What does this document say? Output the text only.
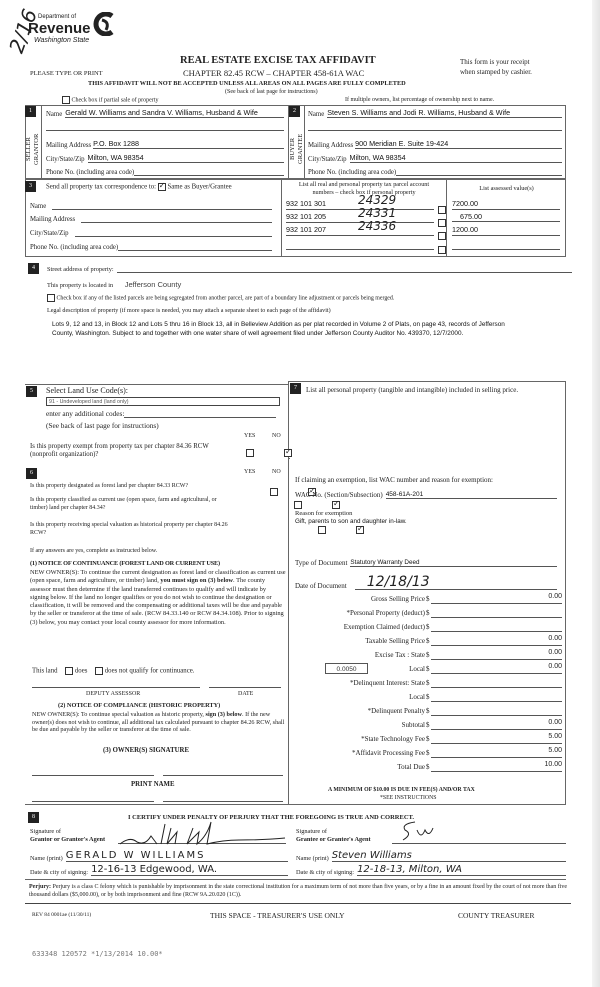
2/16
Department of
Revenue
Washington State
REAL ESTATE EXCISE TAX AFFIDAVIT
PLEASE TYPE OR PRINT	CHAPTER 82.45 RCW – CHAPTER 458-61A WAC
This form is your receipt
when stamped by cashier.
THIS AFFIDAVIT WILL NOT BE ACCEPTED UNLESS ALL AREAS ON ALL PAGES ARE FULLY COMPLETED
(See back of last page for instructions)
Check box if partial sale of property	If multiple owners, list percentage of ownership next to name.
1
SELLER
GRANTOR
Name Gerald W. Williams and Sandra V. Williams, Husband & Wife
Mailing Address P.O. Box 1288
City/State/Zip Milton, WA 98354
Phone No. (including area code)
2
BUYER
GRANTEE
Name Steven S. Williams and Jodi R. Williams, Husband & Wife
Mailing Address 900 Meridian E. Suite 19-424
City/State/Zip Milton, WA 98354
Phone No. (including area code)
3	Send all property tax correspondence to: ✓ Same as Buyer/Grantee
Name
Mailing Address
City/State/Zip
Phone No. (including area code)
List all real and personal property tax parcel account
numbers – check box if personal property
List assessed value(s)
932 101 301	24329	7200.00
932 101 205	24331	675.00
932 101 207	24336	1200.00
4	Street address of property:
This property is located in Jefferson County
Check box if any of the listed parcels are being segregated from another parcel, are part of a boundary line adjustment or parcels being merged.
Legal description of property (if more space is needed, you may attach a separate sheet to each page of the affidavit)
Lots 9, 12 and 13, in Block 12 and Lots 5 thru 16 in Block 13, all in Belleview Addition as per plat recorded in Volume 2 of Plats, on page 43, records of Jefferson County, Washington. Subject to and together with one water share of well agreement filed under Jefferson County Auditor No. 439370, 12/7/2000.
5	Select Land Use Code(s):
91 - Undeveloped land (land only)
enter any additional codes:
(See back of last page for instructions)
YES	NO
Is this property exempt from property tax per chapter 84.36 RCW (nonprofit organization)?
✓
6	YES	NO
Is this property designated as forest land per chapter 84.33 RCW?
✓
Is this property classified as current use (open space, farm and agricultural, or timber) land per chapter 84.34?
✓
Is this property receiving special valuation as historical property per chapter 84.26 RCW?
✓
If any answers are yes, complete as instructed below.
(1) NOTICE OF CONTINUANCE (FOREST LAND OR CURRENT USE)
NEW OWNER(S): To continue the current designation as forest land or classification as current use (open space, farm and agriculture, or timber) land, you must sign on (3) below. The county assessor must then determine if the land transferred continues to qualify and will indicate by signing below. If the land no longer qualifies or you do not wish to continue the designation or classification, it will be removed and the compensating or additional taxes will be due and payable by the seller or transferor at the time of sale. (RCW 84.33.140 or RCW 84.34.108). Prior to signing (3) below, you may contact your local county assessor for more information.
This land	does	does not qualify for continuance.
DEPUTY ASSESSOR	DATE
(2) NOTICE OF COMPLIANCE (HISTORIC PROPERTY)
NEW OWNER(S): To continue special valuation as historic property, sign (3) below. If the new owner(s) does not wish to continue, all additional tax calculated pursuant to chapter 84.26 RCW, shall be due and payable by the seller or transferor at the time of sale.
(3) OWNER(S) SIGNATURE
PRINT NAME
7	List all personal property (tangible and intangible) included in selling price.
If claiming an exemption, list WAC number and reason for exemption:
WAC No. (Section/Subsection) 458-61A-201
Reason for exemption
Gift, parents to son and daughter in-law.
Type of Document Statutory Warranty Deed
Date of Document	12/18/13
Gross Selling Price $	0.00
*Personal Property (deduct) $
Exemption Claimed (deduct) $
Taxable Selling Price $	0.00
Excise Tax : State $	0.00
Local $	0.00
*Delinquent Interest: State $
Local $
*Delinquent Penalty $
Subtotal $	0.00
*State Technology Fee $	5.00
*Affidavit Processing Fee $	5.00
Total Due $	10.00
0.0050
A MINIMUM OF $10.00 IS DUE IN FEE(S) AND/OR TAX
*SEE INSTRUCTIONS
8	I CERTIFY UNDER PENALTY OF PERJURY THAT THE FOREGOING IS TRUE AND CORRECT.
Signature of
Grantor or Grantor's Agent
Name (print) GERALD W WILLIAMS
Date & city of signing: 12-16-13 Edgewood, WA.
Signature of
Grantee or Grantee's Agent
Name (print) Steven Williams
Date & city of signing: 12-18-13, Milton, WA
Perjury: Perjury is a class C felony which is punishable by imprisonment in the state correctional institution for a maximum term of not more than five years, or by a fine in an amount fixed by the court of not more than five thousand dollars ($5,000.00), or by both imprisonment and fine (RCW 9A.20.020 (1C)).
REV 84 0001ae (11/30/11)	THIS SPACE - TREASURER'S USE ONLY	COUNTY TREASURER
633348 120572 *1/13/2014 10.00*
